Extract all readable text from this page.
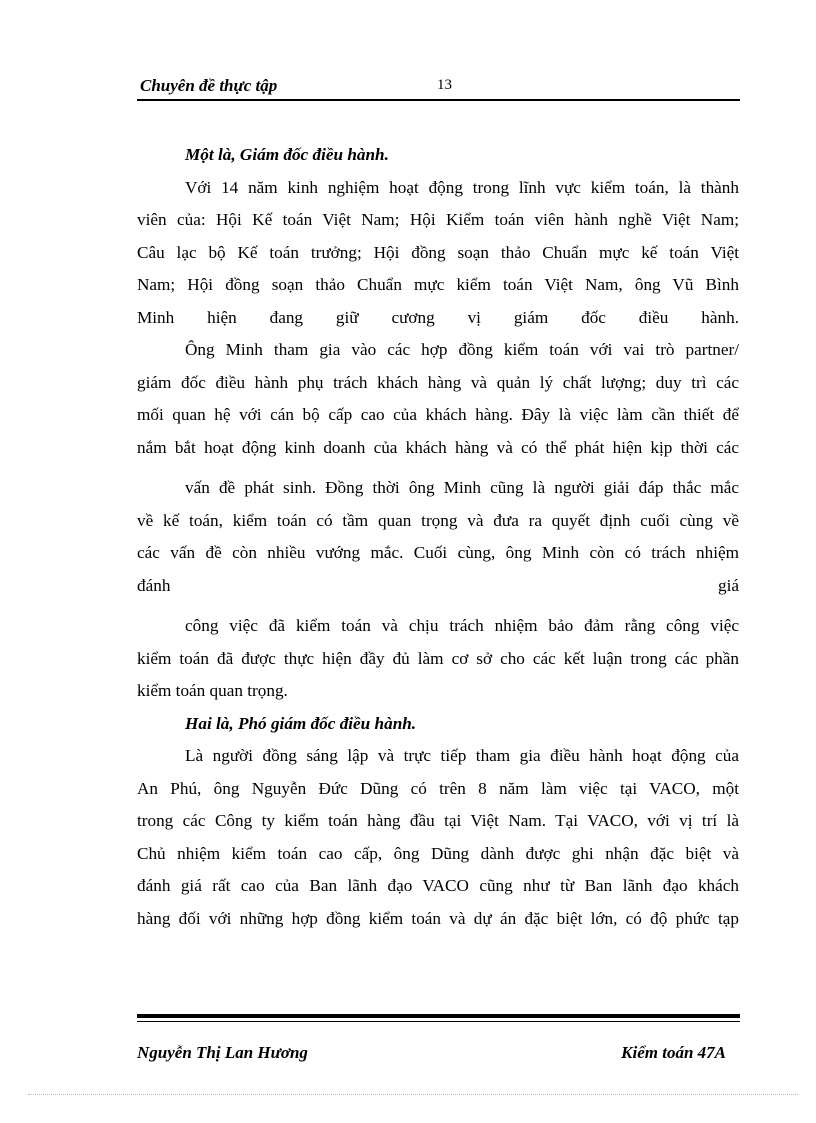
Chuyên đề thực tập	13
Một là, Giám đốc điều hành.
Với 14 năm kinh nghiệm hoạt động trong lĩnh vực kiểm toán, là thành
viên của: Hội Kế toán Việt Nam; Hội Kiểm toán viên hành nghề Việt Nam;
Câu lạc bộ Kế toán trưởng; Hội đồng soạn thảo Chuẩn mực kế toán Việt
Nam; Hội đồng soạn thảo Chuẩn mực kiểm toán Việt Nam, ông Vũ Bình
Minh hiện đang giữ cương vị giám đốc điều hành.
Ông Minh tham gia vào các hợp đồng kiểm toán với vai trò partner/
giám đốc điều hành phụ trách khách hàng và quản lý chất lượng; duy trì các
mối quan hệ với cán bộ cấp cao của khách hàng. Đây là việc làm cần thiết để
nắm bắt hoạt động kinh doanh của khách hàng và có thể phát hiện kịp thời các
vấn đề phát sinh. Đồng thời ông Minh cũng là người giải đáp thắc mắc
về kế toán, kiểm toán có tầm quan trọng và đưa ra quyết định cuối cùng về
các vấn đề còn nhiều vướng mắc. Cuối cùng, ông Minh còn có trách nhiệm
đánh	giá
công việc đã kiểm toán và chịu trách nhiệm bảo đảm rằng công việc
kiểm toán đã được thực hiện đầy đủ làm cơ sở cho các kết luận trong các phần
kiểm toán quan trọng.
Hai là, Phó giám đốc điều hành.
Là người đồng sáng lập và trực tiếp tham gia điều hành hoạt động của
An Phú, ông Nguyễn Đức Dũng có trên 8 năm làm việc tại VACO, một
trong các Công ty kiểm toán hàng đầu tại Việt Nam. Tại VACO, với vị trí là
Chủ nhiệm kiểm toán cao cấp, ông Dũng dành được ghi nhận đặc biệt và
đánh giá rất cao của Ban lãnh đạo VACO cũng như từ Ban lãnh đạo khách
hàng đối với những hợp đồng kiểm toán và dự án đặc biệt lớn, có độ phức tạp
Nguyễn Thị Lan Hương	Kiểm toán 47A
